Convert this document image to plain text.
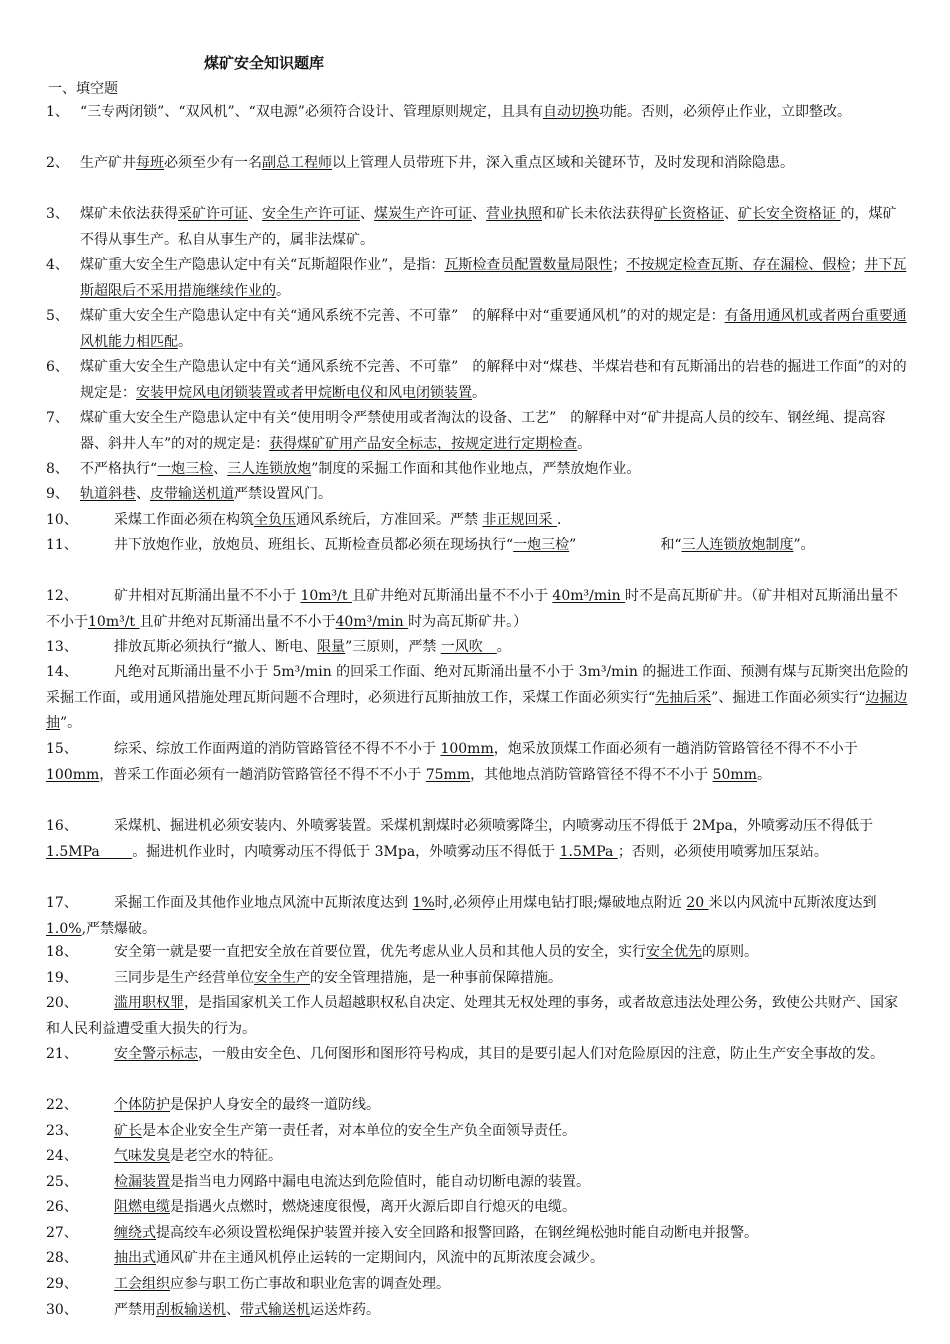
煤矿安全知识题库
一、填空题
1、 “三专两闭锁”、“双风机”、“双电源”必须符合设计、管理原则规定，且具有自动切换功能。否则，必须停止作业，立即整改。
2、 生产矿井每班必须至少有一名副总工程师以上管理人员带班下井，深入重点区域和关键环节，及时发现和消除隐患。
3、 煤矿未依法获得采矿许可证、安全生产许可证、煤炭生产许可证、营业执照和矿长未依法获得矿长资格证、矿长安全资格证 的，煤矿不得从事生产。私自从事生产的，属非法煤矿。
4、 煤矿重大安全生产隐患认定中有关“瓦斯超限作业”，是指：瓦斯检查员配置数量局限性；不按规定检查瓦斯、存在漏检、假检；井下瓦斯超限后不采用措施继续作业的。
5、 煤矿重大安全生产隐患认定中有关“通风系统不完善、不可靠”　的解释中对“重要通风机”的对的规定是：有备用通风机或者两台重要通风机能力相匹配。
6、 煤矿重大安全生产隐患认定中有关“通风系统不完善、不可靠”　的解释中对“煤巷、半煤岩巷和有瓦斯涌出的岩巷的掘进工作面”的对的规定是：安装甲烷风电闭锁装置或者甲烷断电仪和风电闭锁装置。
7、 煤矿重大安全生产隐患认定中有关“使用明令严禁使用或者淘汰的设备、工艺”　的解释中对“矿井提高人员的绞车、钢丝绳、提高容器、斜井人车”的对的规定是：获得煤矿矿用产品安全标志，按规定进行定期检查。
8、 不严格执行“一炮三检、三人连锁放炮”制度的采掘工作面和其他作业地点，严禁放炮作业。
9、 轨道斜巷、皮带输送机道严禁设置风门。
10、	采煤工作面必须在构筑全负压通风系统后，方准回采。严禁 非正规回采 .
11、	井下放炮作业，放炮员、班组长、瓦斯检查员都必须在现场执行“一炮三检”　　　　　　和“三人连锁放炮制度”。
12、	矿井相对瓦斯涌出量不不小于 10m³/t 且矿井绝对瓦斯涌出量不不小于 40m³/min 时不是高瓦斯矿井。（矿井相对瓦斯涌出量不不小于10m³/t 且矿井绝对瓦斯涌出量不不小于40m³/min 时为高瓦斯矿井。）
13、	排放瓦斯必须执行“撤人、断电、限量”三原则，严禁 一风吹　。
14、	凡绝对瓦斯涌出量不小于 5m³/min 的回采工作面、绝对瓦斯涌出量不小于 3m³/min 的掘进工作面、预测有煤与瓦斯突出危险的采掘工作面，或用通风措施处理瓦斯问题不合理时，必须进行瓦斯抽放工作，采煤工作面必须实行“先抽后采”、掘进工作面必须实行“边掘边抽”。
15、	综采、综放工作面两道的消防管路管径不得不不小于 100mm，炮采放顶煤工作面必须有一趟消防管路管径不得不不小于 100mm，普采工作面必须有一趟消防管路管径不得不不小于 75mm，其他地点消防管路管径不得不不小于 50mm。
16、	采煤机、掘进机必须安装内、外喷雾装置。采煤机割煤时必须喷雾降尘，内喷雾动压不得低于 2Mpa，外喷雾动压不得低于 1.5MPa　　 。掘进机作业时，内喷雾动压不得低于 3Mpa，外喷雾动压不得低于 1.5MPa ；否则，必须使用喷雾加压泵站。
17、	采掘工作面及其他作业地点风流中瓦斯浓度达到 1%时,必须停止用煤电钻打眼;爆破地点附近 20 米以内风流中瓦斯浓度达到1.0%,严禁爆破。
18、	安全第一就是要一直把安全放在首要位置，优先考虑从业人员和其他人员的安全，实行安全优先的原则。
19、	三同步是生产经营单位安全生产的安全管理措施，是一种事前保障措施。
20、	滥用职权罪，是指国家机关工作人员超越职权私自决定、处理其无权处理的事务，或者故意违法处理公务，致使公共财产、国家和人民利益遭受重大损失的行为。
21、	安全警示标志，一般由安全色、几何图形和图形符号构成，其目的是要引起人们对危险原因的注意，防止生产安全事故的发。
22、	个体防护是保护人身安全的最终一道防线。
23、	矿长是本企业安全生产第一责任者，对本单位的安全生产负全面领导责任。
24、	气味发臭是老空水的特征。
25、	检漏装置是指当电力网路中漏电电流达到危险值时，能自动切断电源的装置。
26、	阻燃电缆是指遇火点燃时，燃烧速度很慢，离开火源后即自行熄灭的电缆。
27、	缠绕式提高绞车必须设置松绳保护装置并接入安全回路和报警回路，在钢丝绳松弛时能自动断电并报警。
28、	抽出式通风矿井在主通风机停止运转的一定期间内，风流中的瓦斯浓度会减少。
29、	工会组织应参与职工伤亡事故和职业危害的调查处理。
30、	严禁用刮板输送机、带式输送机运送炸药。
